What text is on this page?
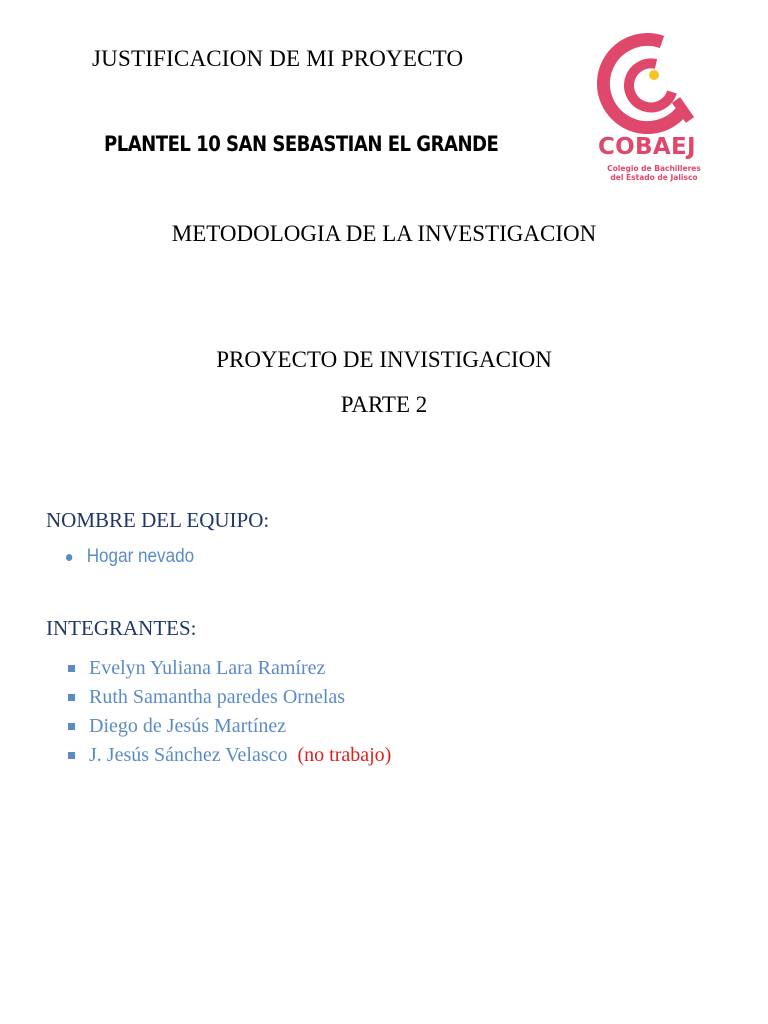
JUSTIFICACION DE MI PROYECTO
PLANTEL 10 SAN SEBASTIAN EL GRANDE	COBAEJ
Colegio de Bachilleres
del Estado de Jalisco
METODOLOGIA DE LA INVESTIGACION
PROYECTO DE INVISTIGACION
PARTE 2
NOMBRE DEL EQUIPO:
Hogar nevado
INTEGRANTES:
Evelyn Yuliana Lara Ramírez
Ruth Samantha paredes Ornelas
Diego de Jesús Martínez
J. Jesús Sánchez Velasco (no trabajo)
